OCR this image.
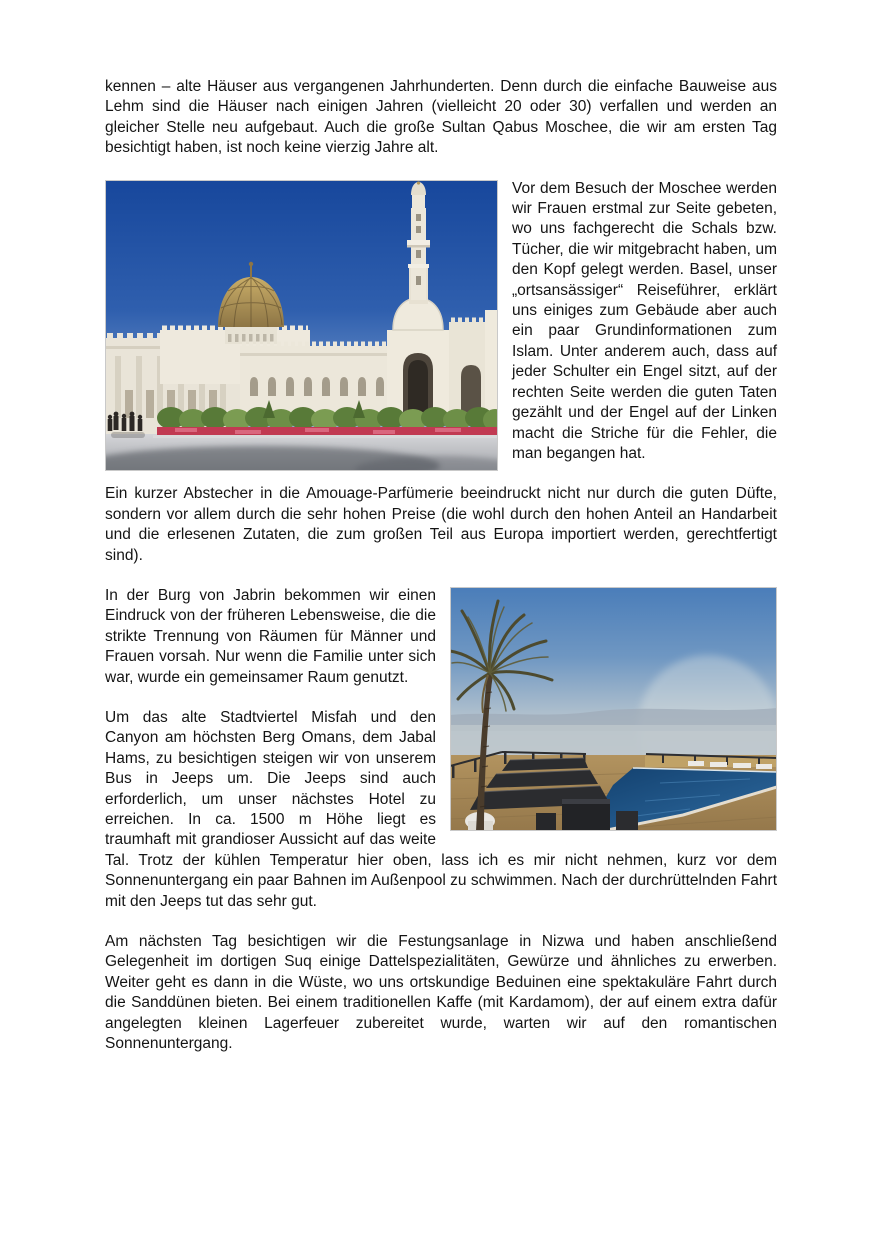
kennen – alte Häuser aus vergangenen Jahrhunderten. Denn durch die einfache Bauweise aus Lehm sind die Häuser nach einigen Jahren (vielleicht 20 oder 30) verfallen und werden an gleicher Stelle neu aufgebaut. Auch die große Sultan Qabus Moschee, die wir am ersten Tag besichtigt haben, ist noch keine vierzig Jahre alt.

Vor dem Besuch der Moschee werden wir Frauen erstmal zur Seite gebeten, wo uns fachgerecht die Schals bzw. Tücher, die wir mitgebracht haben, um den Kopf gelegt werden. Basel, unser „ortsansässiger“ Reiseführer, erklärt uns einiges zum Gebäude aber auch ein paar Grundinformationen zum Islam. Unter anderem auch, dass auf jeder Schulter ein Engel sitzt, auf der rechten Seite werden die guten Taten gezählt und der Engel auf der Linken macht die Striche für die Fehler, die man begangen hat.

Ein kurzer Abstecher in die Amouage-Parfümerie beeindruckt nicht nur durch die guten Düfte, sondern vor allem durch die sehr hohen Preise (die wohl durch den hohen Anteil an Handarbeit und die erlesenen Zutaten, die zum großen Teil aus Europa importiert werden, gerechtfertigt sind).

In der Burg von Jabrin bekommen wir einen Eindruck von der früheren Lebensweise, die die strikte Trennung von Räumen für Männer und Frauen vorsah. Nur wenn die Familie unter sich war, wurde ein gemeinsamer Raum genutzt.

Um das alte Stadtviertel Misfah und den Canyon am höchsten Berg Omans, dem Jabal Hams, zu besichtigen steigen wir von unserem Bus in Jeeps um. Die Jeeps sind auch erforderlich, um unser nächstes Hotel zu erreichen. In ca. 1500 m Höhe liegt es traumhaft mit grandioser Aussicht auf das weite Tal. Trotz der kühlen Temperatur hier oben, lass ich es mir nicht nehmen, kurz vor dem Sonnenuntergang ein paar Bahnen im Außenpool zu schwimmen. Nach der durchrüttelnden Fahrt mit den Jeeps tut das sehr gut.

Am nächsten Tag besichtigen wir die Festungsanlage in Nizwa und haben anschließend Gelegenheit im dortigen Suq einige Dattelspezialitäten, Gewürze und ähnliches zu erwerben. Weiter geht es dann in die Wüste, wo uns ortskundige Beduinen eine spektakuläre Fahrt durch die Sanddünen bieten. Bei einem traditionellen Kaffe (mit Kardamom), der auf einem extra dafür angelegten kleinen Lagerfeuer zubereitet wurde, warten wir auf den romantischen Sonnenuntergang.
